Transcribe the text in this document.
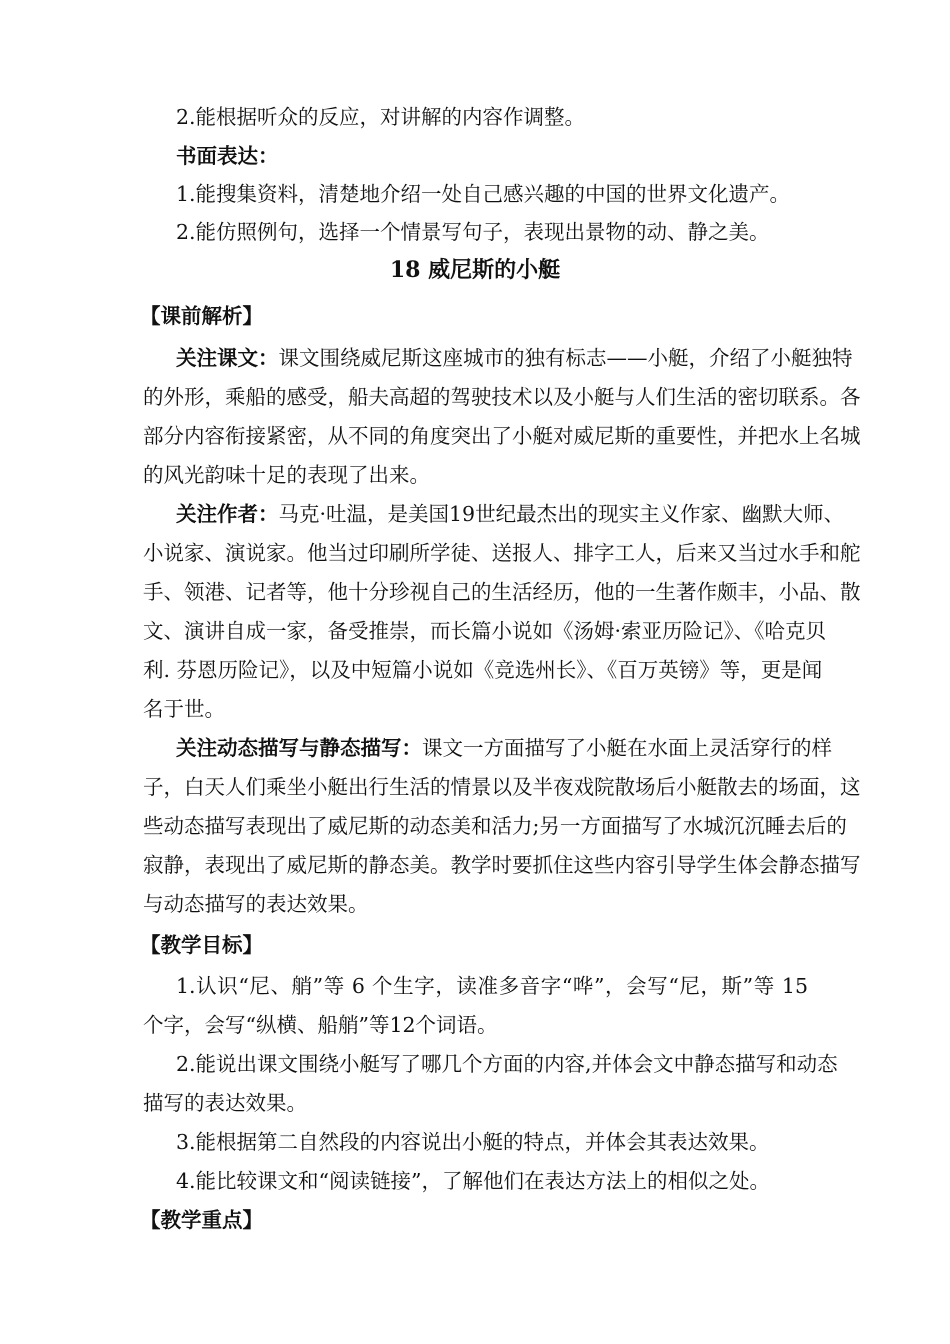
2.能根据听众的反应，对讲解的内容作调整。
书面表达：
1.能搜集资料，清楚地介绍一处自己感兴趣的中国的世界文化遗产。
2.能仿照例句，选择一个情景写句子，表现出景物的动、静之美。
18 威尼斯的小艇
【课前解析】
关注课文：课文围绕威尼斯这座城市的独有标志——小艇，介绍了小艇独特
的外形，乘船的感受，船夫高超的驾驶技术以及小艇与人们生活的密切联系。各
部分内容衔接紧密，从不同的角度突出了小艇对威尼斯的重要性，并把水上名城
的风光韵味十足的表现了出来。
关注作者：马克·吐温，是美国19世纪最杰出的现实主义作家、幽默大师、
小说家、演说家。他当过印刷所学徒、送报人、排字工人，后来又当过水手和舵
手、领港、记者等，他十分珍视自己的生活经历，他的一生著作颇丰，小品、散
文、演讲自成一家，备受推崇，而长篇小说如《汤姆·索亚历险记》、《哈克贝
利. 芬恩历险记》，以及中短篇小说如《竞选州长》、《百万英镑》等，更是闻
名于世。
关注动态描写与静态描写：课文一方面描写了小艇在水面上灵活穿行的样
子，白天人们乘坐小艇出行生活的情景以及半夜戏院散场后小艇散去的场面，这
些动态描写表现出了威尼斯的动态美和活力;另一方面描写了水城沉沉睡去后的
寂静，表现出了威尼斯的静态美。教学时要抓住这些内容引导学生体会静态描写
与动态描写的表达效果。
【教学目标】
1.认识“尼、艄”等 6 个生字，读准多音字“哗”，会写“尼，斯”等 15
个字，会写“纵横、船艄”等12个词语。
2.能说出课文围绕小艇写了哪几个方面的内容,并体会文中静态描写和动态
描写的表达效果。
3.能根据第二自然段的内容说出小艇的特点，并体会其表达效果。
4.能比较课文和“阅读链接”，了解他们在表达方法上的相似之处。
【教学重点】
